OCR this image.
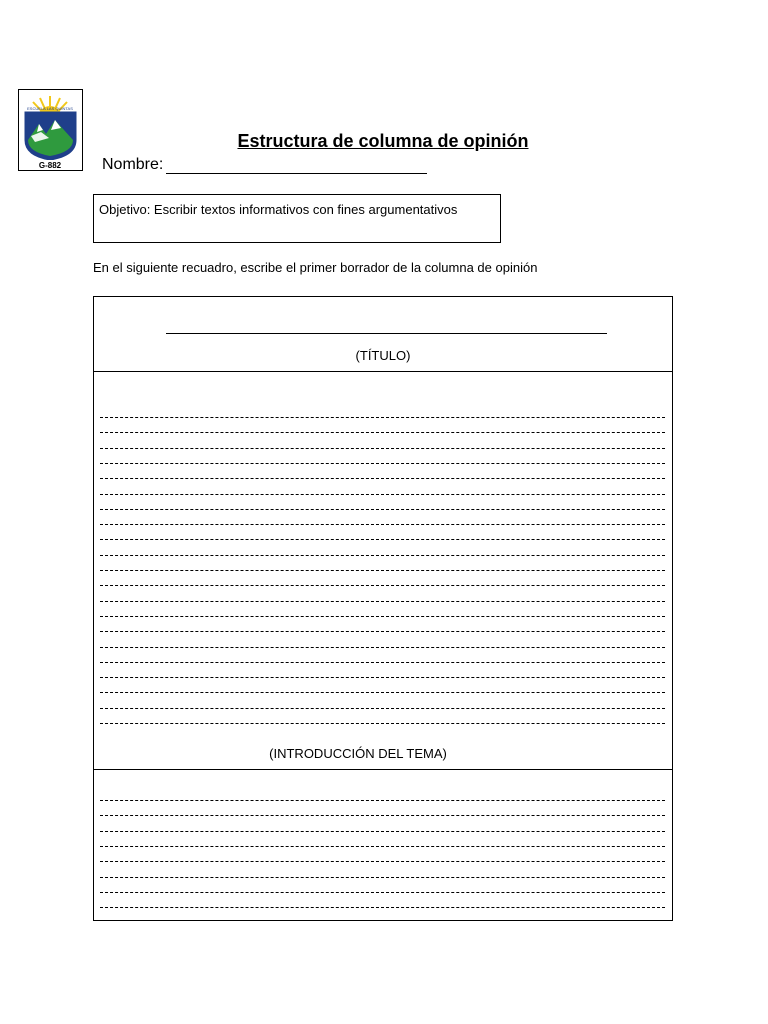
G-882
ESCUELA LAS QUINTAS
Estructura de columna de opinión
Nombre:
Objetivo: Escribir textos informativos con fines argumentativos
En el siguiente recuadro, escribe el primer borrador de la columna de opinión
(TÍTULO)
(INTRODUCCIÓN DEL TEMA)
